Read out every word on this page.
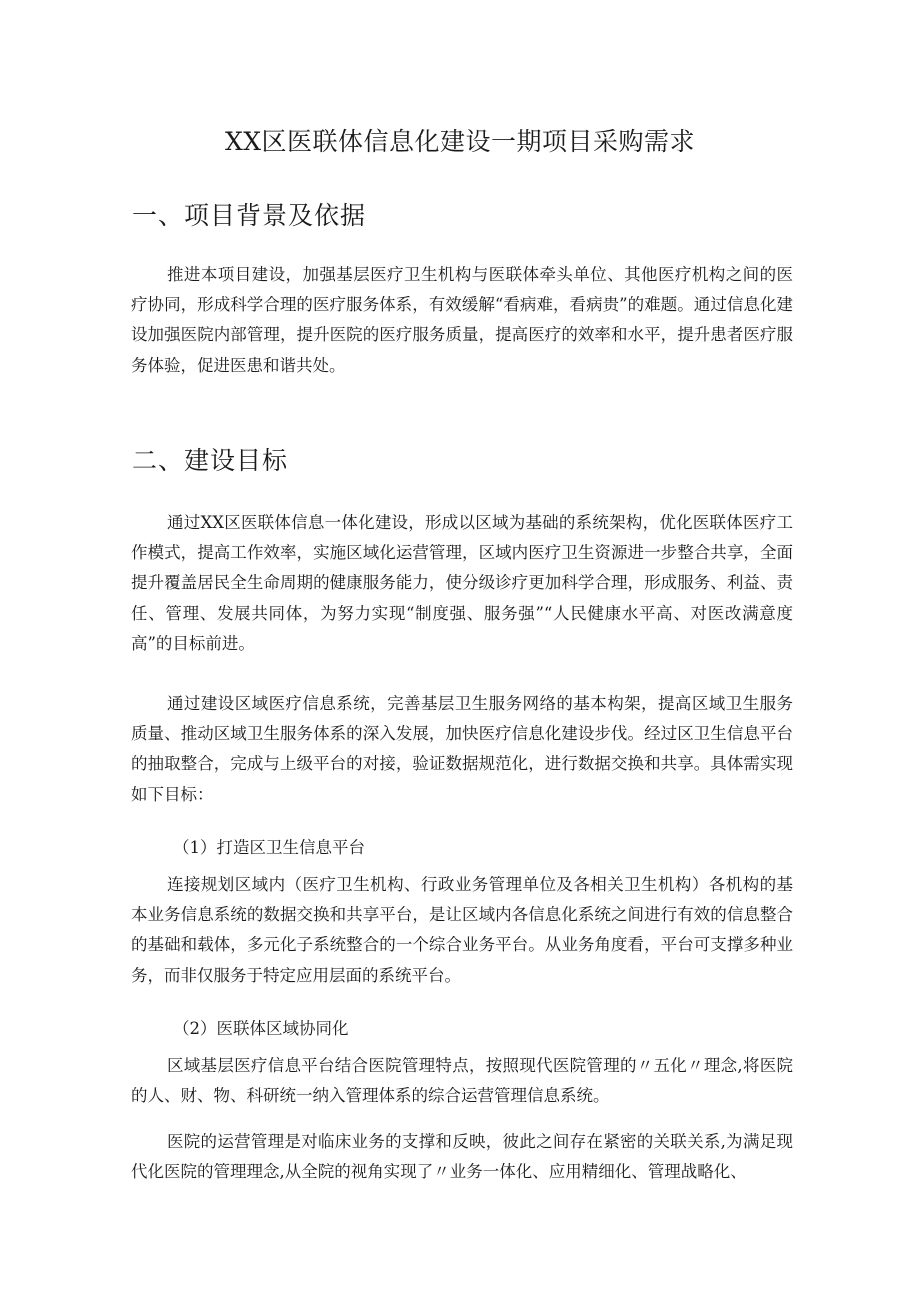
XX区医联体信息化建设一期项目采购需求
一、项目背景及依据

推进本项目建设，加强基层医疗卫生机构与医联体牵头单位、其他医疗机构之间的医疗协同，形成科学合理的医疗服务体系，有效缓解“看病难，看病贵”的难题。通过信息化建设加强医院内部管理，提升医院的医疗服务质量，提高医疗的效率和水平，提升患者医疗服务体验，促进医患和谐共处。

二、建设目标

通过XX区医联体信息一体化建设，形成以区域为基础的系统架构，优化医联体医疗工作模式，提高工作效率，实施区域化运营管理，区域内医疗卫生资源进一步整合共享，全面提升覆盖居民全生命周期的健康服务能力，使分级诊疗更加科学合理，形成服务、利益、责任、管理、发展共同体，为努力实现“制度强、服务强”“人民健康水平高、对医改满意度高”的目标前进。

通过建设区域医疗信息系统，完善基层卫生服务网络的基本构架，提高区域卫生服务质量、推动区域卫生服务体系的深入发展，加快医疗信息化建设步伐。经过区卫生信息平台的抽取整合，完成与上级平台的对接，验证数据规范化，进行数据交换和共享。具体需实现如下目标：

（1）打造区卫生信息平台

连接规划区域内（医疗卫生机构、行政业务管理单位及各相关卫生机构）各机构的基本业务信息系统的数据交换和共享平台，是让区域内各信息化系统之间进行有效的信息整合的基础和载体，多元化子系统整合的一个综合业务平台。从业务角度看，平台可支撑多种业务，而非仅服务于特定应用层面的系统平台。

（2）医联体区域协同化

区域基层医疗信息平台结合医院管理特点，按照现代医院管理的〃五化〃理念,将医院的人、财、物、科研统一纳入管理体系的综合运营管理信息系统。

医院的运营管理是对临床业务的支撑和反映，彼此之间存在紧密的关联关系,为满足现代化医院的管理理念,从全院的视角实现了〃业务一体化、应用精细化、管理战略化、
